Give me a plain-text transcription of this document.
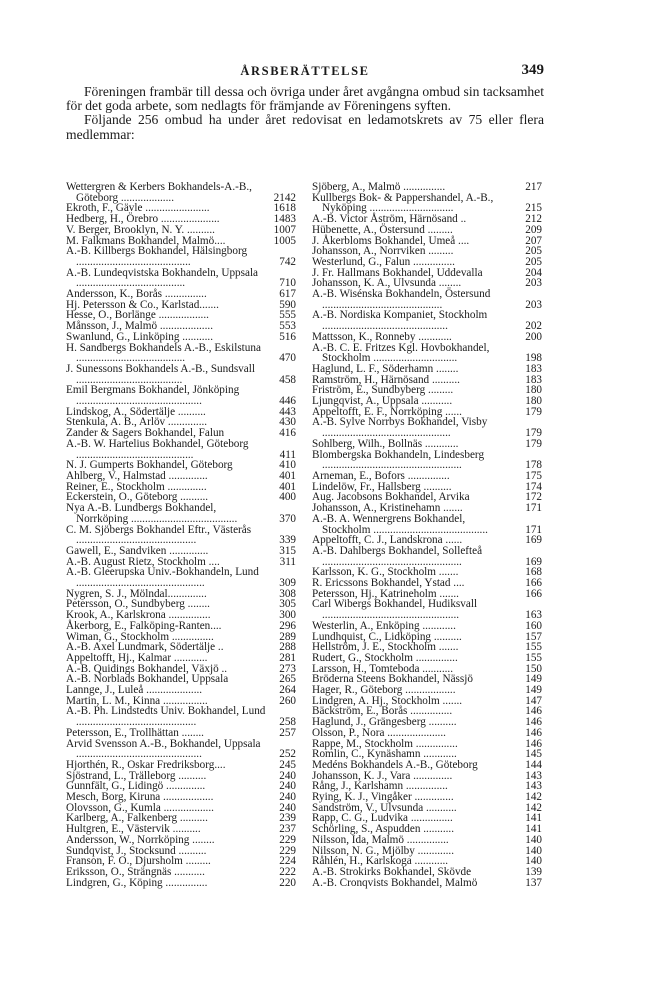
ÅRSBERÄTTELSE	349

Föreningen frambär till dessa och övriga under året avgångna ombud sin tacksamhet för det goda arbete, som nedlagts för främjande av Föreningens syften.

Följande 256 ombud ha under året redovisat en ledamotskrets av 75 eller flera medlemmar:

Wettergren & Kerbers Bokhandels-A.-B., Göteborg ...................	2142
Ekroth, F., Gävle .......................	1618
Hedberg, H., Örebro .....................	1483
V. Berger, Brooklyn, N. Y. ..........	1007
M. Falkmans Bokhandel, Malmö....	1005
A.-B. Killbergs Bokhandel, Hälsingborg .........................................	742
A.-B. Lundeqvistska Bokhandeln, Uppsala .......................................	710
Andersson, K., Borås ...............	617
Hj. Petersson & Co., Karlstad.......	590
Hesse, O., Borlänge ..................	555
Månsson, J., Malmö ...................	553
Swanlund, G., Linköping ...........	516
H. Sandbergs Bokhandels A.-B., Eskilstuna .......................................	470
J. Sunessons Bokhandels A.-B., Sundsvall ......................................	458
Emil Bergmans Bokhandel, Jönköping .............................................	446
Lindskog, A., Södertälje ..........	443
Stenkula, A. B., Arlöv ..............	430
Zander & Sagers Bokhandel, Falun	416
A.-B. W. Hartelius Bokhandel, Göteborg ..........................................	411
N. J. Gumperts Bokhandel, Göteborg	410
Ahlberg, V., Halmstad ..............	401
Reiner, E., Stockholm ..............	401
Eckerstein, O., Göteborg ..........	400
Nya A.-B. Lundbergs Bokhandel, Norrköping ......................................	370
C. M. Sjöbergs Bokhandel Eftr., Västerås ...........................................	339
Gawell, E., Sandviken ..............	315
A.-B. August Rietz, Stockholm ....	311
A.-B. Gleerupska Univ.-Bokhandeln, Lund ..............................................	309
Nygren, S. J., Mölndal..............	308
Petersson, O., Sundbyberg ........	305
Krook, A., Karlskrona ...............	300
Åkerborg, E., Falköping-Ranten....	296
Wiman, G., Stockholm ...............	289
A.-B. Axel Lundmark, Södertälje ..	288
Appeltofft, Hj., Kalmar ............	281
A.-B. Quidings Bokhandel, Växjö ..	273
A.-B. Norblads Bokhandel, Uppsala	265
Lannge, J., Luleå ....................	264
Martin, L. M., Kinna ................	260
A.-B. Ph. Lindstedts Univ. Bokhandel, Lund ...........................................	258
Petersson, E., Trollhättan ........	257
Arvid Svensson A.-B., Bokhandel, Uppsala .............................................	252
Hjorthén, R., Oskar Fredriksborg....	245
Sjöstrand, L., Trälleborg ..........	240
Gunnfält, G., Lidingö ..............	240
Mesch, Borg, Kiruna ..................	240
Olovsson, G., Kumla ..................	240
Karlberg, A., Falkenberg ..........	239
Hultgren, E., Västervik ..........	237
Andersson, W., Norrköping ........	229
Sundqvist, J., Stocksund ..........	229
Franson, F. O., Djursholm .........	224
Eriksson, O., Strängnäs ...........	222
Lindgren, G., Köping ...............	220
Sjöberg, A., Malmö ...............	217
Kullbergs Bok- & Pappershandel, A.-B., Nyköping ..............................	215
A.-B. Victor Åström, Härnösand ..	212
Hübenette, A., Östersund .........	209
J. Åkerbloms Bokhandel, Umeå ....	207
Johansson, A., Norrviken .........	205
Westerlund, G., Falun ...............	205
J. Fr. Hallmans Bokhandel, Uddevalla	204
Johansson, K. A., Ulvsunda ........	203
A.-B. Wisénska Bokhandeln, Östersund ...........................................	203
A.-B. Nordiska Kompaniet, Stockholm .............................................	202
Mattsson, K., Ronneby ............	200
A.-B. C. E. Fritzes Kgl. Hovbokhandel, Stockholm ..............................	198
Haglund, L. F., Söderhamn ........	183
Ramström, H., Härnösand ..........	183
Friström, E., Sundbyberg .........	180
Ljungqvist, A., Uppsala ...........	180
Appeltofft, E. F., Norrköping ......	179
A.-B. Sylve Norrbys Bokhandel, Visby ..............................................	179
Sohlberg, Wilh., Bollnäs ............	179
Blombergska Bokhandeln, Lindesberg ..................................................	178
Arneman, E., Bofors ...............	175
Lindelöw, Fr., Hallsberg ..........	174
Aug. Jacobsons Bokhandel, Arvika	172
Johansson, A., Kristinehamn .......	171
A.-B. A. Wennergrens Bokhandel, Stockholm .........................................	171
Appeltofft, C. J., Landskrona ......	169
A.-B. Dahlbergs Bokhandel, Sollefteå ..................................................	169
Karlsson, K. G., Stockholm .......	168
R. Ericssons Bokhandel, Ystad ....	166
Petersson, Hj., Katrineholm .......	166
Carl Wibergs Bokhandel, Hudiksvall .................................................	163
Westerlin, A., Enköping ............	160
Lundhquist, C., Lidköping ..........	157
Hellström, J. E., Stockholm .......	155
Rudert, G., Stockholm ...............	155
Larsson, H., Tomteboda ...........	150
Bröderna Steens Bokhandel, Nässjö	149
Hager, R., Göteborg ..................	149
Lindgren, A. Hj., Stockholm .......	147
Bäckström, E., Borås ...............	146
Haglund, J., Grängesberg ..........	146
Olsson, P., Nora .....................	146
Rappe, M., Stockholm ...............	146
Romlin, C., Kynäshamn ............	145
Medéns Bokhandels A.-B., Göteborg	144
Johansson, K. J., Vara ..............	143
Rång, J., Karlshamn ...............	143
Rying, K. J., Vingåker ..............	142
Sandström, V., Ulvsunda ...........	142
Rapp, C. G., Ludvika ...............	141
Schörling, S., Aspudden ...........	141
Nilsson, Ida, Malmö ...............	140
Nilsson, N. G., Mjölby .............	140
Råhlén, H., Karlskoga ............	140
A.-B. Strokirks Bokhandel, Skövde	139
A.-B. Cronqvists Bokhandel, Malmö	137
